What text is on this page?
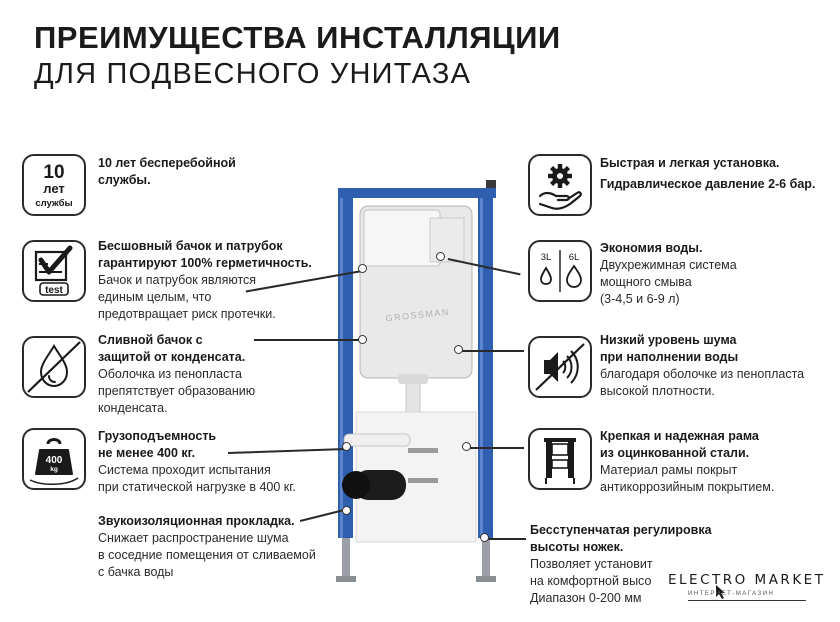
ПРЕИМУЩЕСТВА ИНСТАЛЛЯЦИИ
ДЛЯ ПОДВЕСНОГО УНИТАЗА
10
лет
службы
test
400
kg
10 лет бесперебойной
службы.
Бесшовный бачок и патрубок
гарантируют 100% герметичность.
Бачок и патрубок являются
единым целым, что
предотвращает риск протечки.
Сливной бачок с
защитой от конденсата.
Оболочка из пенопласта
препятствует образованию
конденсата.
Грузоподъемность
не менее 400 кг.
Система проходит испытания
при статической нагрузке в 400 кг.
Звукоизоляционная прокладка.
Снижает распространение шума
в соседние помещения от сливаемой
с бачка воды
3L 6L
Быстрая и легкая установка.
Гидравлическое давление 2-6 бар.
Экономия воды.
Двухрежимная система
мощного смыва
(3-4,5 и 6-9 л)
Низкий уровень шума
при наполнении воды
благодаря оболочке из пенопласта
высокой плотности.
Крепкая и надежная рама
из оцинкованной стали.
Материал рамы покрыт
антикоррозийным покрытием.
Бесступенчатая регулировка
высоты ножек.
Позволяет установит
на комфортной высо
Диапазон 0-200 мм
GROSSMAN
ELECTRO MARKET
ИНТЕРНЕТ-МАГАЗИН
